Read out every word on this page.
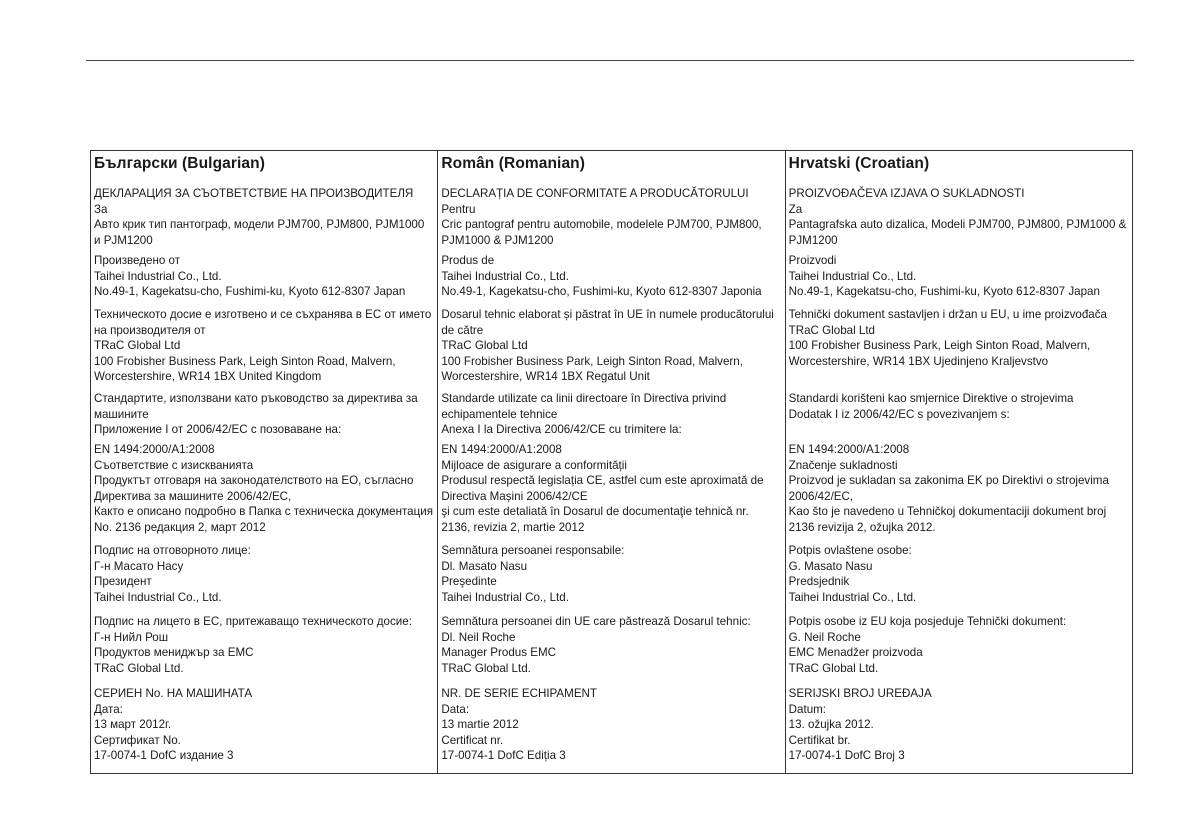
Български (Bulgarian)
ДЕКЛАРАЦИЯ ЗА СЪОТВЕТСТВИЕ НА ПРОИЗВОДИТЕЛЯ
За
Авто крик тип пантограф, модели PJM700, PJM800, PJM1000 и PJM1200
Произведено от
Taihei Industrial Co., Ltd.
No.49-1, Kagekatsu-cho, Fushimi-ku, Kyoto 612-8307 Japan
Техническото досие е изготвено и се съхранява в ЕС от името на производителя от
TRaC Global Ltd
100 Frobisher Business Park, Leigh Sinton Road, Malvern, Worcestershire, WR14 1BX United Kingdom
Стандартите, използвани като ръководство за директива за машините
Приложение I от 2006/42/ЕС с позоваване на:
EN 1494:2000/A1:2008
Съответствие с изискванията
Продуктът отговаря на законодателството на ЕО, съгласно Директива за машините 2006/42/ЕС,
Както е описано подробно в Папка с техническа документация No. 2136 редакция 2, март 2012
Подпис на отговорното лице:
Г-н Масато Насу
Президент
Taihei Industrial Co., Ltd.
Подпис на лицето в ЕС, притежаващо техническото досие:
Г-н Нийл Рош
Продуктов мениджър за EMC
TRaC Global Ltd.
СЕРИЕН No. НА МАШИНАТА
Дата:
13 март 2012г.
Сертификат No.
17-0074-1 DofC издание 3
Român (Romanian)
DECLARAȚIA DE CONFORMITATE A PRODUCĂTORULUI
Pentru
Cric pantograf pentru automobile, modelele PJM700, PJM800, PJM1000 & PJM1200
Produs de
Taihei Industrial Co., Ltd.
No.49-1, Kagekatsu-cho, Fushimi-ku, Kyoto 612-8307 Japonia
Dosarul tehnic elaborat și păstrat în UE în numele producătorului de către
TRaC Global Ltd
100 Frobisher Business Park, Leigh Sinton Road, Malvern, Worcestershire, WR14 1BX Regatul Unit
Standarde utilizate ca linii directoare în Directiva privind echipamentele tehnice
Anexa I la Directiva 2006/42/CE cu trimitere la:
EN 1494:2000/A1:2008
Mijloace de asigurare a conformității
Produsul respectă legislația CE, astfel cum este aproximată de Directiva Mașini 2006/42/CE
şi cum este detaliată în Dosarul de documentaţie tehnică nr. 2136, revizia 2, martie 2012
Semnătura persoanei responsabile:
Dl. Masato Nasu
Preşedinte
Taihei Industrial Co., Ltd.
Semnătura persoanei din UE care păstrează Dosarul tehnic:
Dl. Neil Roche
Manager Produs EMC
TRaC Global Ltd.
NR. DE SERIE ECHIPAMENT
Data:
13 martie 2012
Certificat nr.
17-0074-1 DofC Ediția 3
Hrvatski (Croatian)
PROIZVOĐAČEVA IZJAVA O SUKLADNOSTI
Za
Pantagrafska auto dizalica, Modeli PJM700, PJM800, PJM1000 & PJM1200
Proizvodi
Taihei Industrial Co., Ltd.
No.49-1, Kagekatsu-cho, Fushimi-ku, Kyoto 612-8307 Japan
Tehnički dokument sastavljen i držan u EU, u ime proizvođača
TRaC Global Ltd
100 Frobisher Business Park, Leigh Sinton Road, Malvern, Worcestershire, WR14 1BX Ujedinjeno Kraljevstvo
Standardi korišteni kao smjernice Direktive o strojevima
Dodatak I iz 2006/42/EC s povezivanjem s:
EN 1494:2000/A1:2008
Značenje sukladnosti
Proizvod je sukladan sa zakonima EK po Direktivi o strojevima 2006/42/EC,
Kao što je navedeno u Tehničkoj dokumentaciji dokument broj 2136 revizija 2, ožujka 2012.
Potpis ovlaštene osobe:
G. Masato Nasu
Predsjednik
Taihei Industrial Co., Ltd.
Potpis osobe iz EU koja posjeduje Tehnički dokument:
G. Neil Roche
EMC Menadžer proizvoda
TRaC Global Ltd.
SERIJSKI BROJ UREĐAJA
Datum:
13. ožujka 2012.
Certifikat br.
17-0074-1 DofC Broj 3
